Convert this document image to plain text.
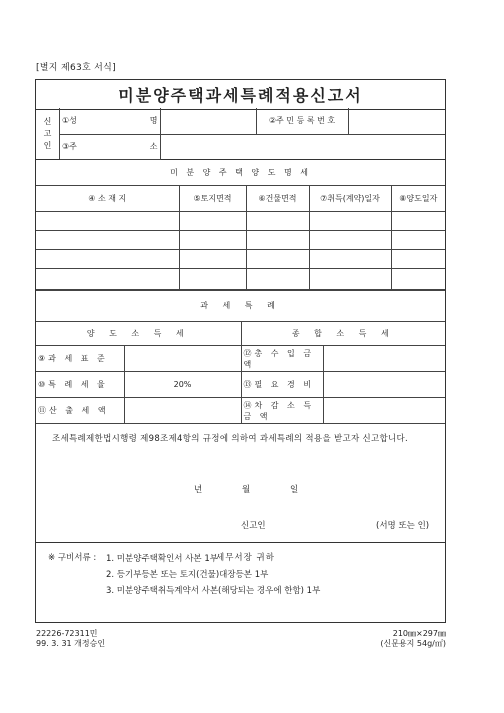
[별지 제63호 서식]
미분양주택과세특례적용신고서
신
고
인
①성 명		②주 민 등 록 번 호	
③주 소			

미 분 양 주 택 양 도 명 세				
④ 소 재 지	⑤토지면적	⑥건물면적	⑦취득(계약)일자	⑧양도일자

과 세 특 례			
양 도 소 득 세		종 합 소 득 세	
⑨과 세 표 준		⑫총 수 입 금 액	
⑩특 례 세 율	20%	⑬필 요 경 비	
⑪산 출 세 액		⑭차 감 소 득 금 액	
조세특례제한법시행령 제98조제4항의 규정에 의하여 과세특례의 적용을 받고자 신고합니다.
년	월	일
신고인	(서명 또는 인)
세무서장 귀하
※ 구비서류 : 1. 미분양주택확인서 사본 1부
2. 등기부등본 또는 토지(건물)대장등본 1부
3. 미분양주택취득계약서 사본(해당되는 경우에 한함) 1부
22226-72311민
99. 3. 31 개정승인
210㎜×297㎜
(신문용지 54g/㎡)
